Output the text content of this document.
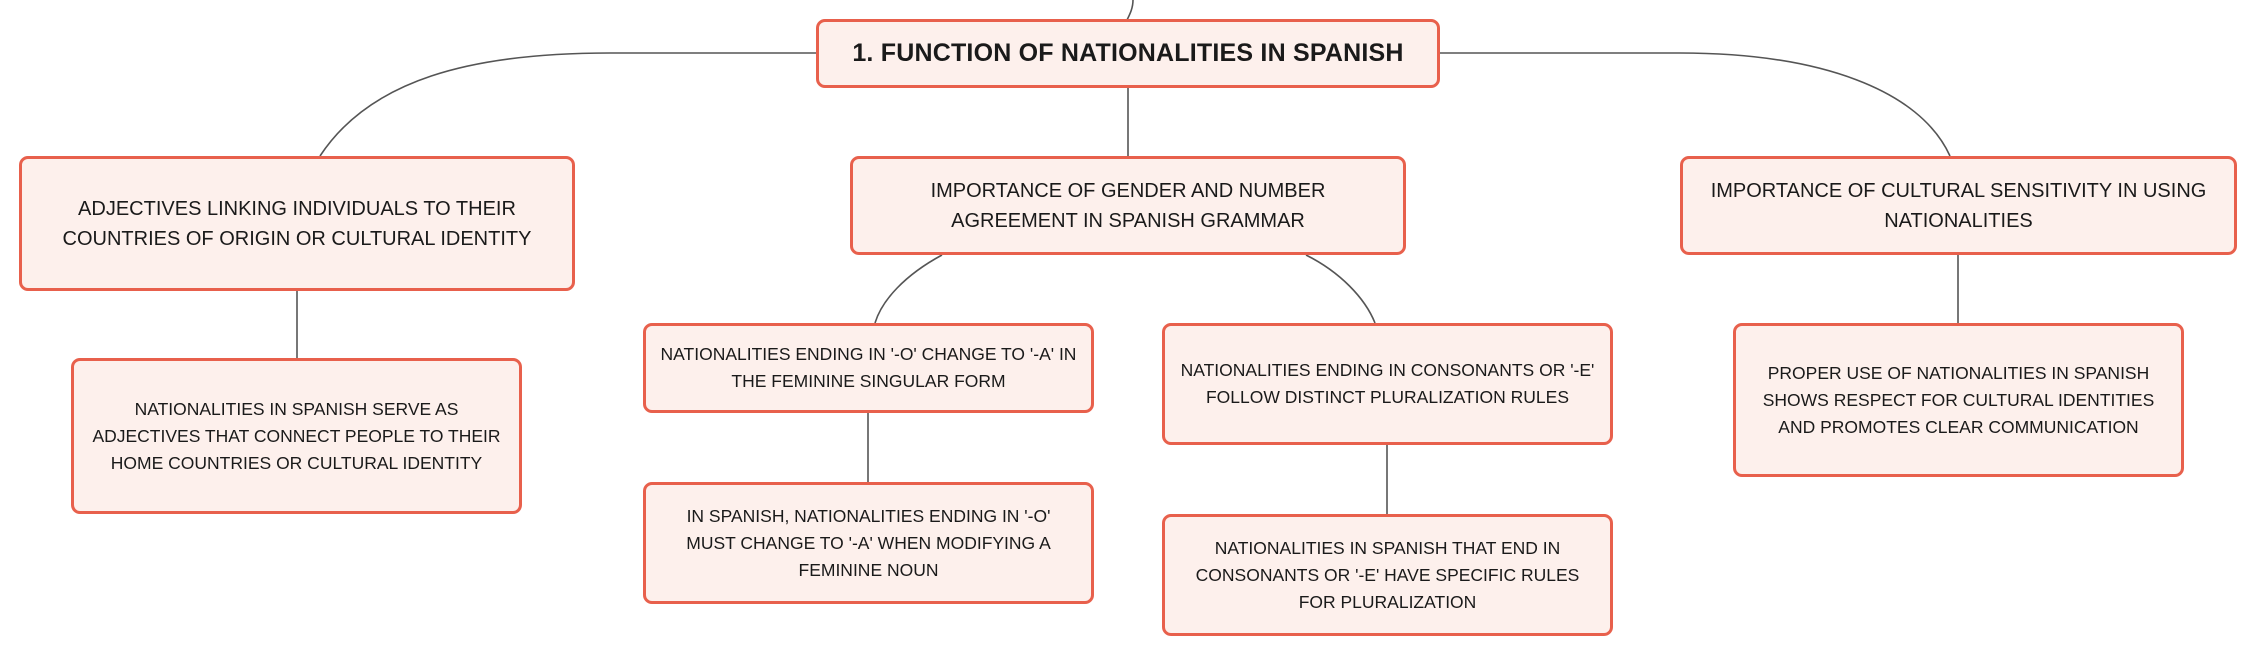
1. FUNCTION OF NATIONALITIES IN SPANISH
ADJECTIVES LINKING INDIVIDUALS TO THEIR COUNTRIES OF ORIGIN OR CULTURAL IDENTITY
IMPORTANCE OF GENDER AND NUMBER AGREEMENT IN SPANISH GRAMMAR
IMPORTANCE OF CULTURAL SENSITIVITY IN USING NATIONALITIES
NATIONALITIES IN SPANISH SERVE AS ADJECTIVES THAT CONNECT PEOPLE TO THEIR HOME COUNTRIES OR CULTURAL IDENTITY
NATIONALITIES ENDING IN '-O' CHANGE TO '-A' IN THE FEMININE SINGULAR FORM
IN SPANISH, NATIONALITIES ENDING IN '-O' MUST CHANGE TO '-A' WHEN MODIFYING A FEMININE NOUN
NATIONALITIES ENDING IN CONSONANTS OR '-E' FOLLOW DISTINCT PLURALIZATION RULES
NATIONALITIES IN SPANISH THAT END IN CONSONANTS OR '-E' HAVE SPECIFIC RULES FOR PLURALIZATION
PROPER USE OF NATIONALITIES IN SPANISH SHOWS RESPECT FOR CULTURAL IDENTITIES AND PROMOTES CLEAR COMMUNICATION
